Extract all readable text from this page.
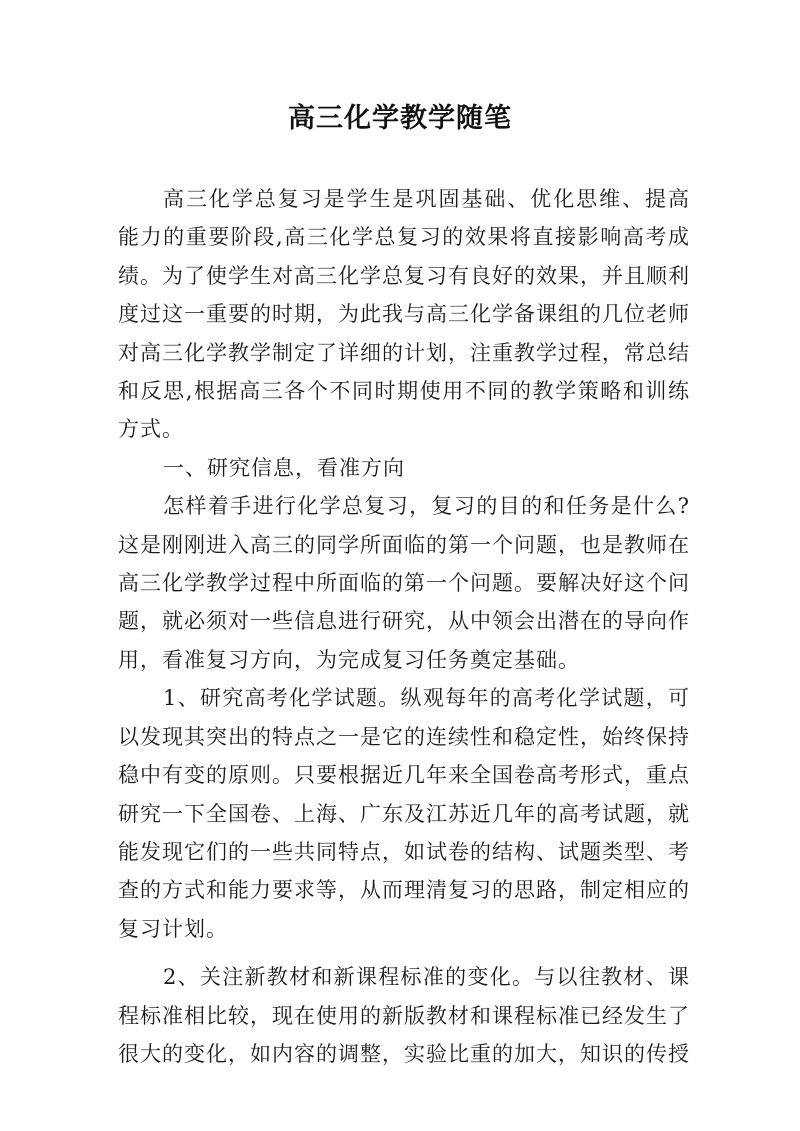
高三化学教学随笔

高三化学总复习是学生是巩固基础、优化思维、提高能力的重要阶段,高三化学总复习的效果将直接影响高考成绩。为了使学生对高三化学总复习有良好的效果，并且顺利度过这一重要的时期，为此我与高三化学备课组的几位老师对高三化学教学制定了详细的计划，注重教学过程，常总结和反思,根据高三各个不同时期使用不同的教学策略和训练方式。

一、研究信息，看准方向

怎样着手进行化学总复习，复习的目的和任务是什么?这是刚刚进入高三的同学所面临的第一个问题，也是教师在高三化学教学过程中所面临的第一个问题。要解决好这个问题，就必须对一些信息进行研究，从中领会出潜在的导向作用，看准复习方向，为完成复习任务奠定基础。

1、研究高考化学试题。纵观每年的高考化学试题，可以发现其突出的特点之一是它的连续性和稳定性，始终保持稳中有变的原则。只要根据近几年来全国卷高考形式，重点研究一下全国卷、上海、广东及江苏近几年的高考试题，就能发现它们的一些共同特点，如试卷的结构、试题类型、考查的方式和能力要求等，从而理清复习的思路，制定相应的复习计划。

2、关注新教材和新课程标准的变化。与以往教材、课程标准相比较，现在使用的新版教材和课程标准已经发生了很大的变化，如内容的调整，实验比重的加大，知识的传授
